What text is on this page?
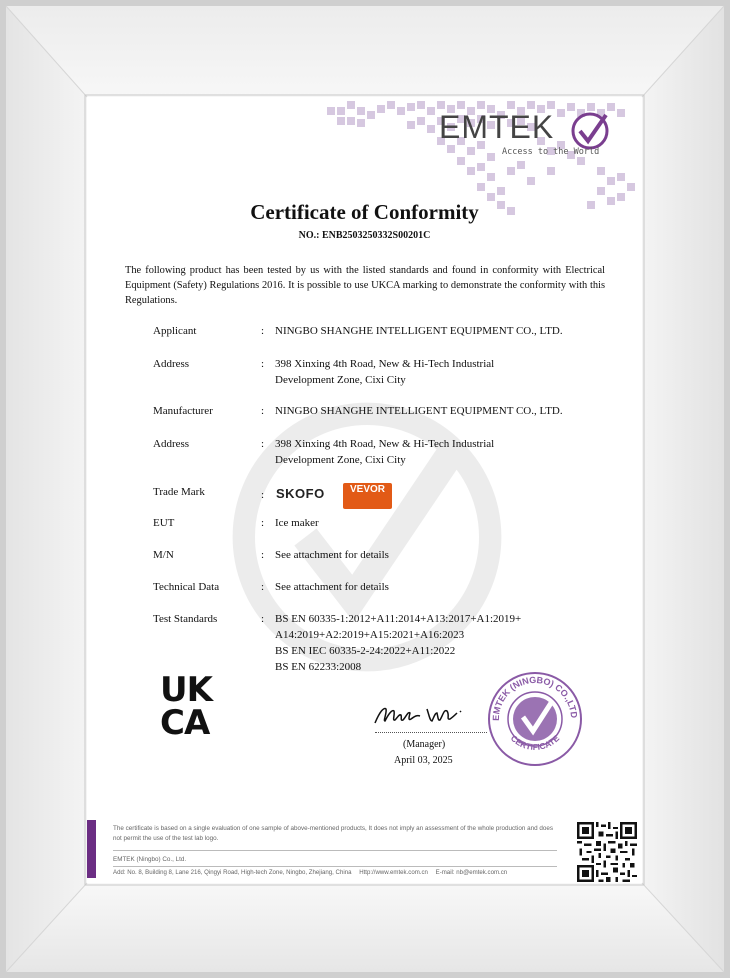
EMTEK
Access to the World
Certificate of Conformity
NO.: ENB2503250332S00201C
The following product has been tested by us with the listed standards and found in conformity with Electrical Equipment (Safety) Regulations 2016. It is possible to use UKCA marking to demonstrate the conformity with this Regulations.
Applicant	: NINGBO SHANGHE INTELLIGENT EQUIPMENT CO., LTD.
Address	: 398 Xinxing 4th Road, New & Hi-Tech Industrial Development Zone, Cixi City
Manufacturer	: NINGBO SHANGHE INTELLIGENT EQUIPMENT CO., LTD.
Address	: 398 Xinxing 4th Road, New & Hi-Tech Industrial Development Zone, Cixi City
Trade Mark	: SKOFO	VEVOR
EUT	: Ice maker
M/N	: See attachment for details
Technical Data	: See attachment for details
Test Standards	: BS EN 60335-1:2012+A11:2014+A13:2017+A1:2019+
A14:2019+A2:2019+A15:2021+A16:2023
BS EN IEC 60335-2-24:2022+A11:2022
BS EN 62233:2008
UK
CA
(Manager)
April 03, 2025
EMTEK (NINGBO) CO.,LTD
CERTIFICATE
The certificate is based on a single evaluation of one sample of above-mentioned products, It does not imply an assessment of the whole production and does not permit the use of the test lab logo.
EMTEK (Ningbo) Co., Ltd.
Add: No. 8, Building 8, Lane 216, Qingyi Road, High-tech Zone, Ningbo, Zhejiang, China Http://www.emtek.com.cn E-mail: nb@emtek.com.cn
